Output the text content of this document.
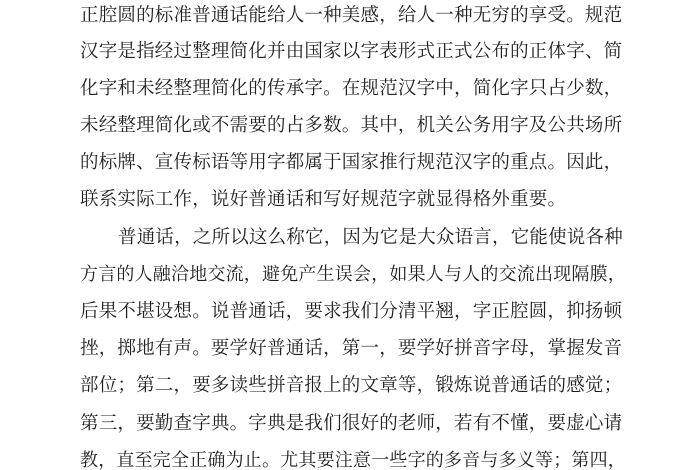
正腔圆的标准普通话能给人一种美感，给人一种无穷的享受。规范
汉字是指经过整理简化并由国家以字表形式正式公布的正体字、简
化字和未经整理简化的传承字。在规范汉字中，简化字只占少数，
未经整理简化或不需要的占多数。其中，机关公务用字及公共场所
的标牌、宣传标语等用字都属于国家推行规范汉字的重点。因此，
联系实际工作，说好普通话和写好规范字就显得格外重要。
普通话，之所以这么称它，因为它是大众语言，它能使说各种
方言的人融洽地交流，避免产生误会，如果人与人的交流出现隔膜，
后果不堪设想。说普通话，要求我们分清平翘，字正腔圆，抑扬顿
挫，掷地有声。要学好普通话，第一，要学好拼音字母，掌握发音
部位；第二，要多读些拼音报上的文章等，锻炼说普通话的感觉；
第三，要勤查字典。字典是我们很好的老师，若有不懂，要虚心请
教，直至完全正确为止。尤其要注意一些字的多音与多义等；第四，
